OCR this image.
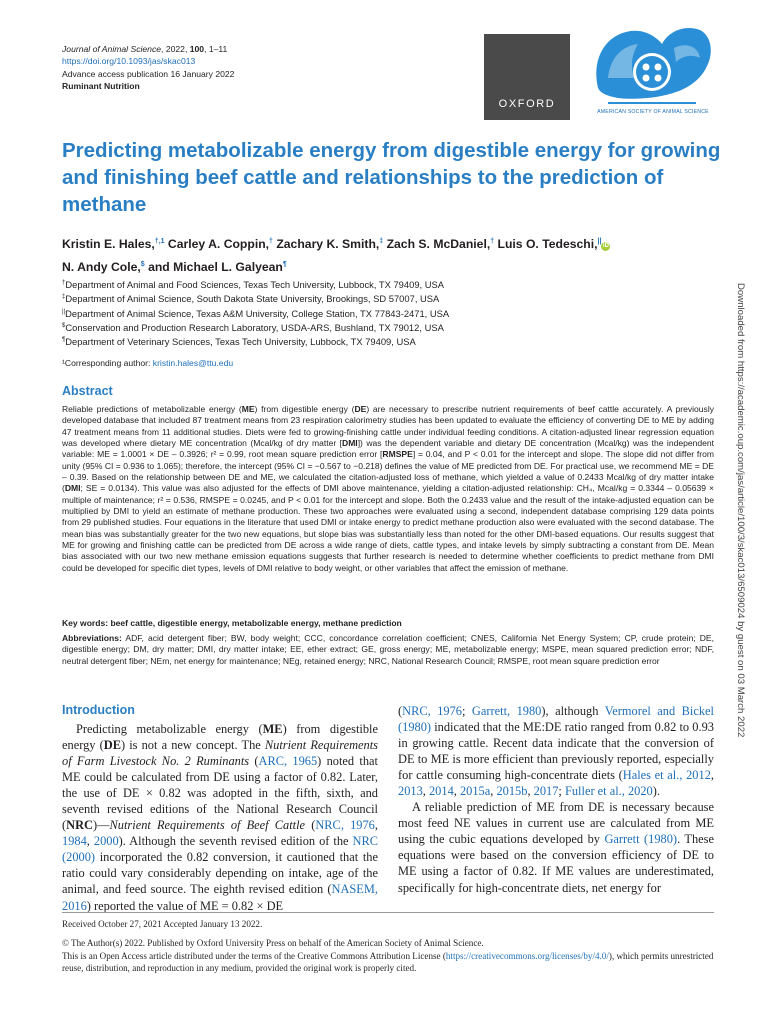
Journal of Animal Science, 2022, 100, 1–11
https://doi.org/10.1093/jas/skac013
Advance access publication 16 January 2022
Ruminant Nutrition
OXFORD
AMERICAN SOCIETY OF ANIMAL SCIENCE
Predicting metabolizable energy from digestible energy for growing and finishing beef cattle and relationships to the prediction of methane
Kristin E. Hales,$^{\dagger,1}$ Carley A. Coppin,† Zachary K. Smith,‡ Zach S. McDaniel,† Luis O. Tedeschi,||iD
N. Andy Cole,$ and Michael L. Galyean¶
†Department of Animal and Food Sciences, Texas Tech University, Lubbock, TX 79409, USA
‡Department of Animal Science, South Dakota State University, Brookings, SD 57007, USA
||Department of Animal Science, Texas A&M University, College Station, TX 77843-2471, USA
$Conservation and Production Research Laboratory, USDA-ARS, Bushland, TX 79012, USA
¶Department of Veterinary Sciences, Texas Tech University, Lubbock, TX 79409, USA
¹Corresponding author: kristin.hales@ttu.edu	Downloaded from https://academic.oup.com/jas/article/100/3/skac013/6509024 by guest on 03 March 2022
Abstract

Reliable predictions of metabolizable energy (ME) from digestible energy (DE) are necessary to prescribe nutrient requirements of beef cattle accurately. A previously developed database that included 87 treatment means from 23 respiration calorimetry studies has been updated to evaluate the efficiency of converting DE to ME by adding 47 treatment means from 11 additional studies. Diets were fed to growing-finishing cattle under individual feeding conditions. A citation-adjusted linear regression equation was developed where dietary ME concentration (Mcal/kg of dry matter [DMI]) was the dependent variable and dietary DE concentration (Mcal/kg) was the independent variable: ME = 1.0001 × DE – 0.3926; r² = 0.99, root mean square prediction error [RMSPE] = 0.04, and P < 0.01 for the intercept and slope. The slope did not differ from unity (95% CI = 0.936 to 1.065); therefore, the intercept (95% CI = −0.567 to −0.218) defines the value of ME predicted from DE. For practical use, we recommend ME = DE – 0.39. Based on the relationship between DE and ME, we calculated the citation-adjusted loss of methane, which yielded a value of 0.2433 Mcal/kg of dry matter intake (DMI; SE = 0.0134). This value was also adjusted for the effects of DMI above maintenance, yielding a citation-adjusted relationship: CH₄, Mcal/kg = 0.3344 – 0.05639 × multiple of maintenance; r² = 0.536, RMSPE = 0.0245, and P < 0.01 for the intercept and slope. Both the 0.2433 value and the result of the intake-adjusted equation can be multiplied by DMI to yield an estimate of methane production. These two approaches were evaluated using a second, independent database comprising 129 data points from 29 published studies. Four equations in the literature that used DMI or intake energy to predict methane production also were evaluated with the second database. The mean bias was substantially greater for the two new equations, but slope bias was substantially less than noted for the other DMI-based equations. Our results suggest that ME for growing and finishing cattle can be predicted from DE across a wide range of diets, cattle types, and intake levels by simply subtracting a constant from DE. Mean bias associated with our two new methane emission equations suggests that further research is needed to determine whether coefficients to predict methane from DMI could be developed for specific diet types, levels of DMI relative to body weight, or other variables that affect the emission of methane.

Key words: beef cattle, digestible energy, metabolizable energy, methane prediction

Abbreviations: ADF, acid detergent fiber; BW, body weight; CCC, concordance correlation coefficient; CNES, California Net Energy System; CP, crude protein; DE, digestible energy; DM, dry matter; DMI, dry matter intake; EE, ether extract; GE, gross energy; ME, metabolizable energy; MSPE, mean squared prediction error; NDF, neutral detergent fiber; NEm, net energy for maintenance; NEg, retained energy; NRC, National Research Council; RMSPE, root mean square prediction error

Introduction

Predicting metabolizable energy (ME) from digestible energy (DE) is not a new concept. The Nutrient Requirements of Farm Livestock No. 2 Ruminants (ARC, 1965) noted that ME could be calculated from DE using a factor of 0.82. Later, the use of DE × 0.82 was adopted in the fifth, sixth, and seventh revised editions of the National Research Council (NRC)—Nutrient Requirements of Beef Cattle (NRC, 1976, 1984, 2000). Although the seventh revised edition of the NRC (2000) incorporated the 0.82 conversion, it cautioned that the ratio could vary considerably depending on intake, age of the animal, and feed source. The eighth revised edition (NASEM, 2016) reported the value of ME = 0.82 × DE

(NRC, 1976; Garrett, 1980), although Vermorel and Bickel (1980) indicated that the ME:DE ratio ranged from 0.82 to 0.93 in growing cattle. Recent data indicate that the conversion of DE to ME is more efficient than previously reported, especially for cattle consuming high-concentrate diets (Hales et al., 2012, 2013, 2014, 2015a, 2015b, 2017; Fuller et al., 2020).

A reliable prediction of ME from DE is necessary because most feed NE values in current use are calculated from ME using the cubic equations developed by Garrett (1980). These equations were based on the conversion efficiency of DE to ME using a factor of 0.82. If ME values are underestimated, specifically for high-concentrate diets, net energy for

Received October 27, 2021 Accepted January 13 2022.

© The Author(s) 2022. Published by Oxford University Press on behalf of the American Society of Animal Science.

This is an Open Access article distributed under the terms of the Creative Commons Attribution License (https://creativecommons.org/licenses/by/4.0/), which permits unrestricted reuse, distribution, and reproduction in any medium, provided the original work is properly cited.
